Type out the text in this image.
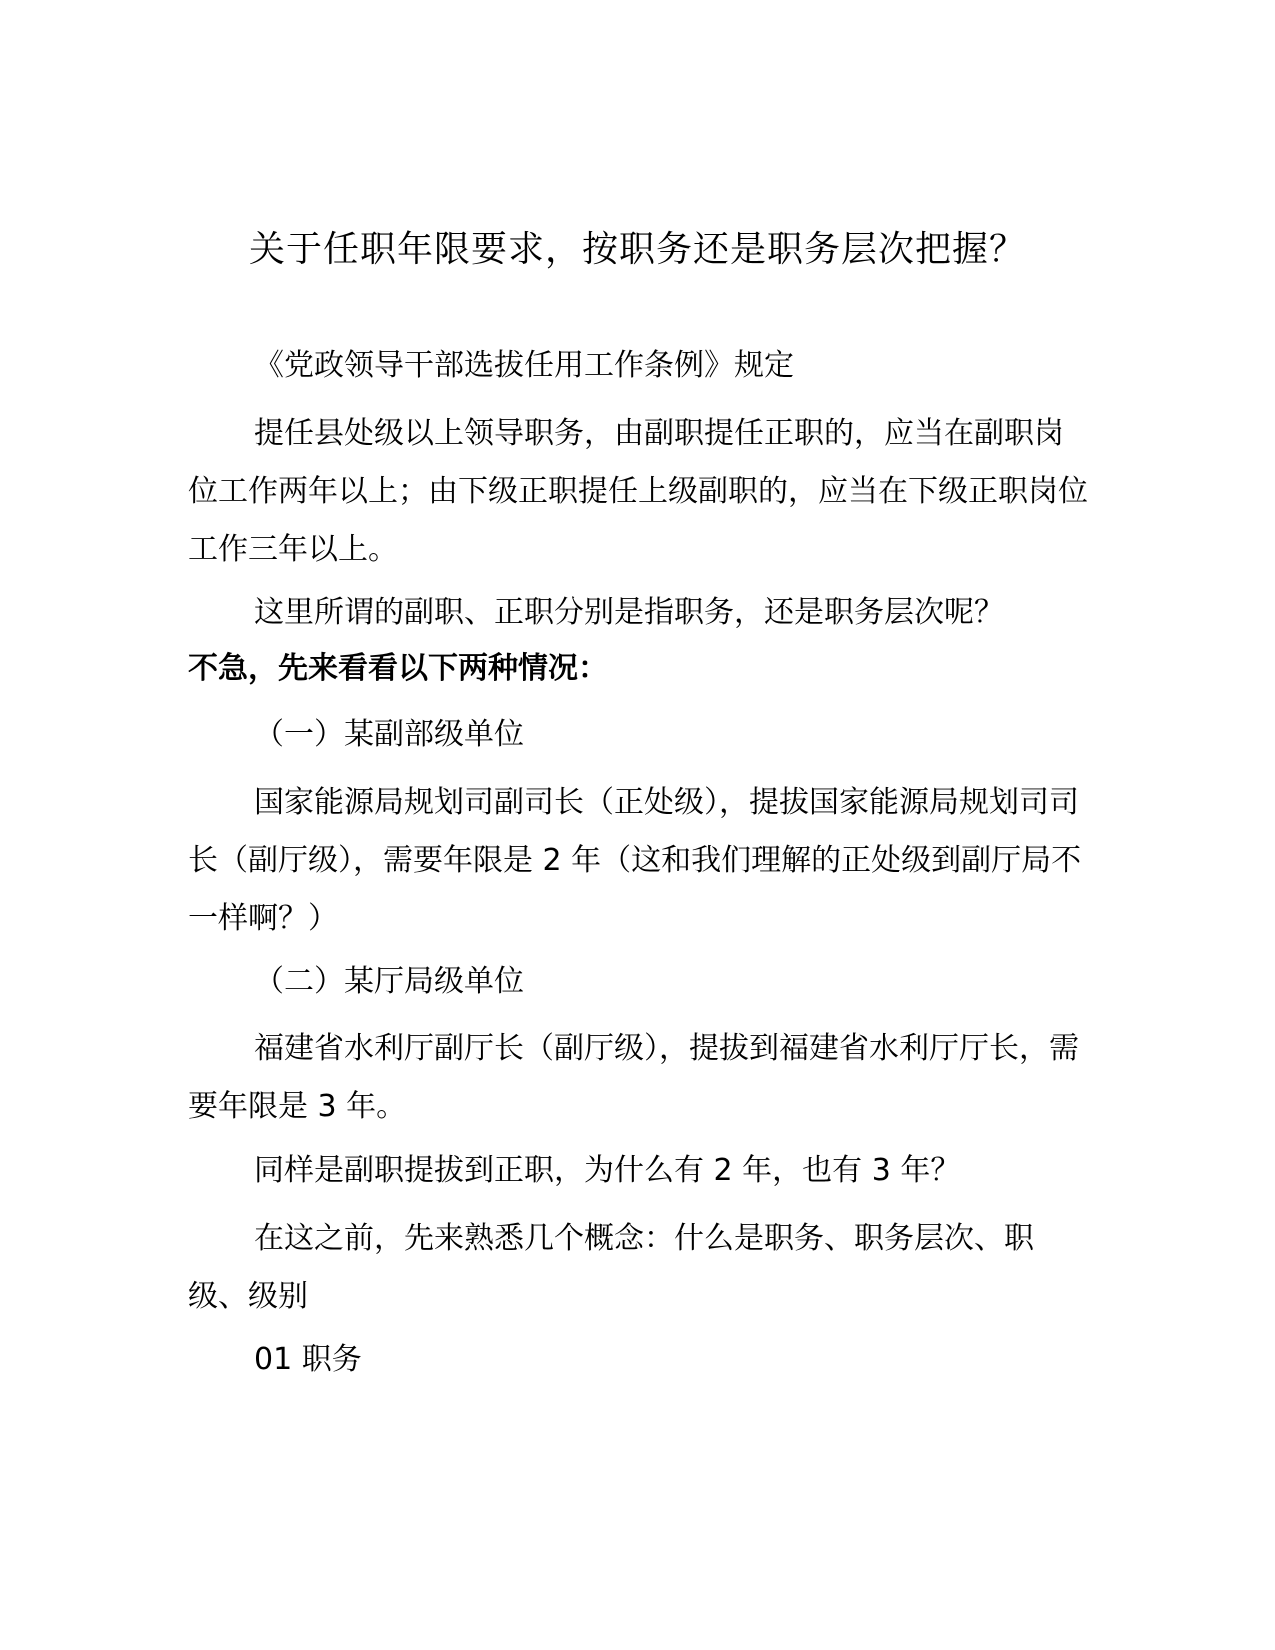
关于任职年限要求，按职务还是职务层次把握？

《党政领导干部选拔任用工作条例》规定

提任县处级以上领导职务，由副职提任正职的，应当在副职岗位工作两年以上；由下级正职提任上级副职的，应当在下级正职岗位工作三年以上。

这里所谓的副职、正职分别是指职务，还是职务层次呢？

不急，先来看看以下两种情况：

（一）某副部级单位

国家能源局规划司副司长（正处级），提拔国家能源局规划司司长（副厅级），需要年限是 2 年（这和我们理解的正处级到副厅局不一样啊？）

（二）某厅局级单位

福建省水利厅副厅长（副厅级），提拔到福建省水利厅厅长，需要年限是 3 年。

同样是副职提拔到正职，为什么有 2 年，也有 3 年？

在这之前，先来熟悉几个概念：什么是职务、职务层次、职级、级别

01 职务
